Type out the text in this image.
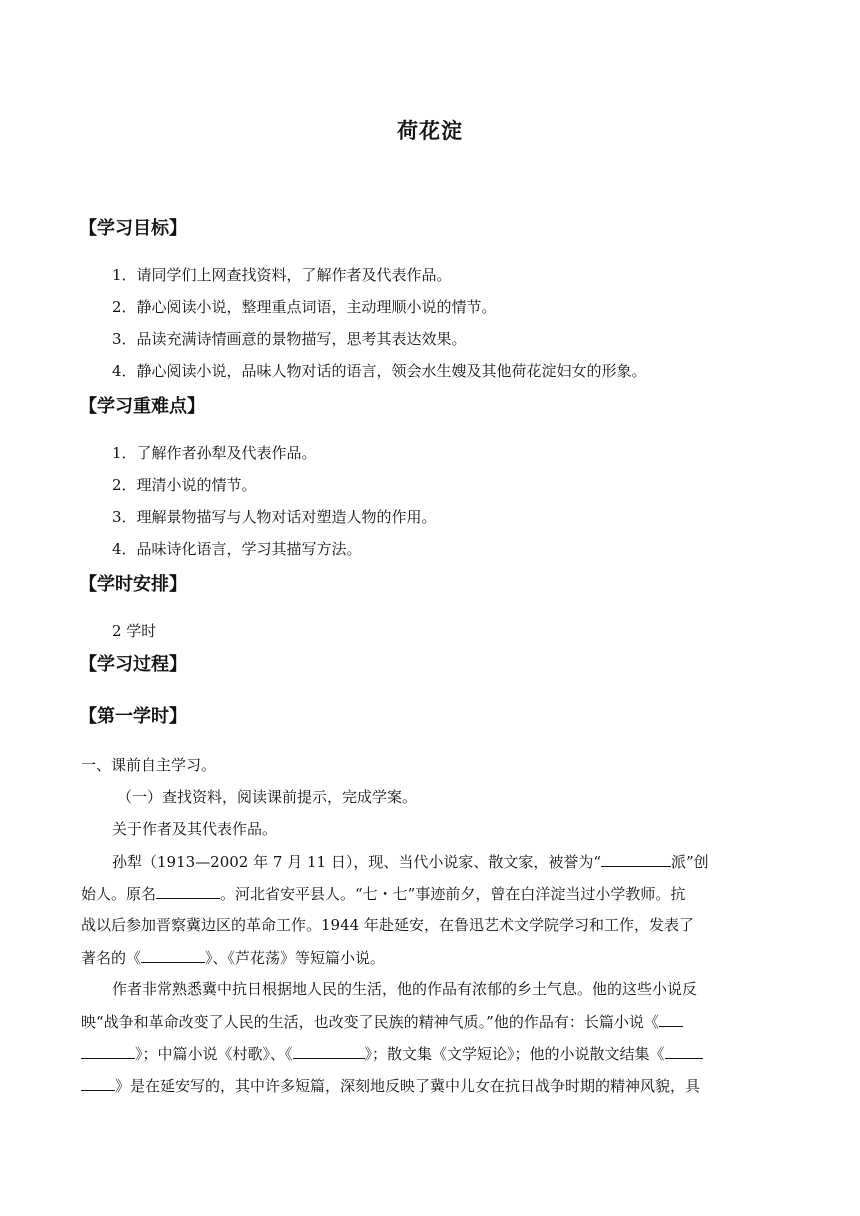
荷花淀
【学习目标】
1．请同学们上网查找资料，了解作者及代表作品。
2．静心阅读小说，整理重点词语，主动理顺小说的情节。
3．品读充满诗情画意的景物描写，思考其表达效果。
4．静心阅读小说，品味人物对话的语言，领会水生嫂及其他荷花淀妇女的形象。
【学习重难点】
1．了解作者孙犁及代表作品。
2．理清小说的情节。
3．理解景物描写与人物对话对塑造人物的作用。
4．品味诗化语言，学习其描写方法。
【学时安排】
2 学时
【学习过程】
【第一学时】
一、课前自主学习。
（一）查找资料，阅读课前提示，完成学案。
关于作者及其代表作品。
孙犁（1913—2002 年 7 月 11 日），现、当代小说家、散文家，被誉为“	派”创
始人。原名	。河北省安平县人。“七・七”事迹前夕，曾在白洋淀当过小学教师。抗
战以后参加晋察冀边区的革命工作。1944 年赴延安，在鲁迅艺术文学院学习和工作，发表了
著名的《	》、《芦花荡》等短篇小说。
作者非常熟悉冀中抗日根据地人民的生活，他的作品有浓郁的乡土气息。他的这些小说反
映“战争和革命改变了人民的生活，也改变了民族的精神气质。”他的作品有：长篇小说《
》；中篇小说《村歌》、《	》；散文集《文学短论》；他的小说散文结集《
》是在延安写的，其中许多短篇，深刻地反映了冀中儿女在抗日战争时期的精神风貌，具
